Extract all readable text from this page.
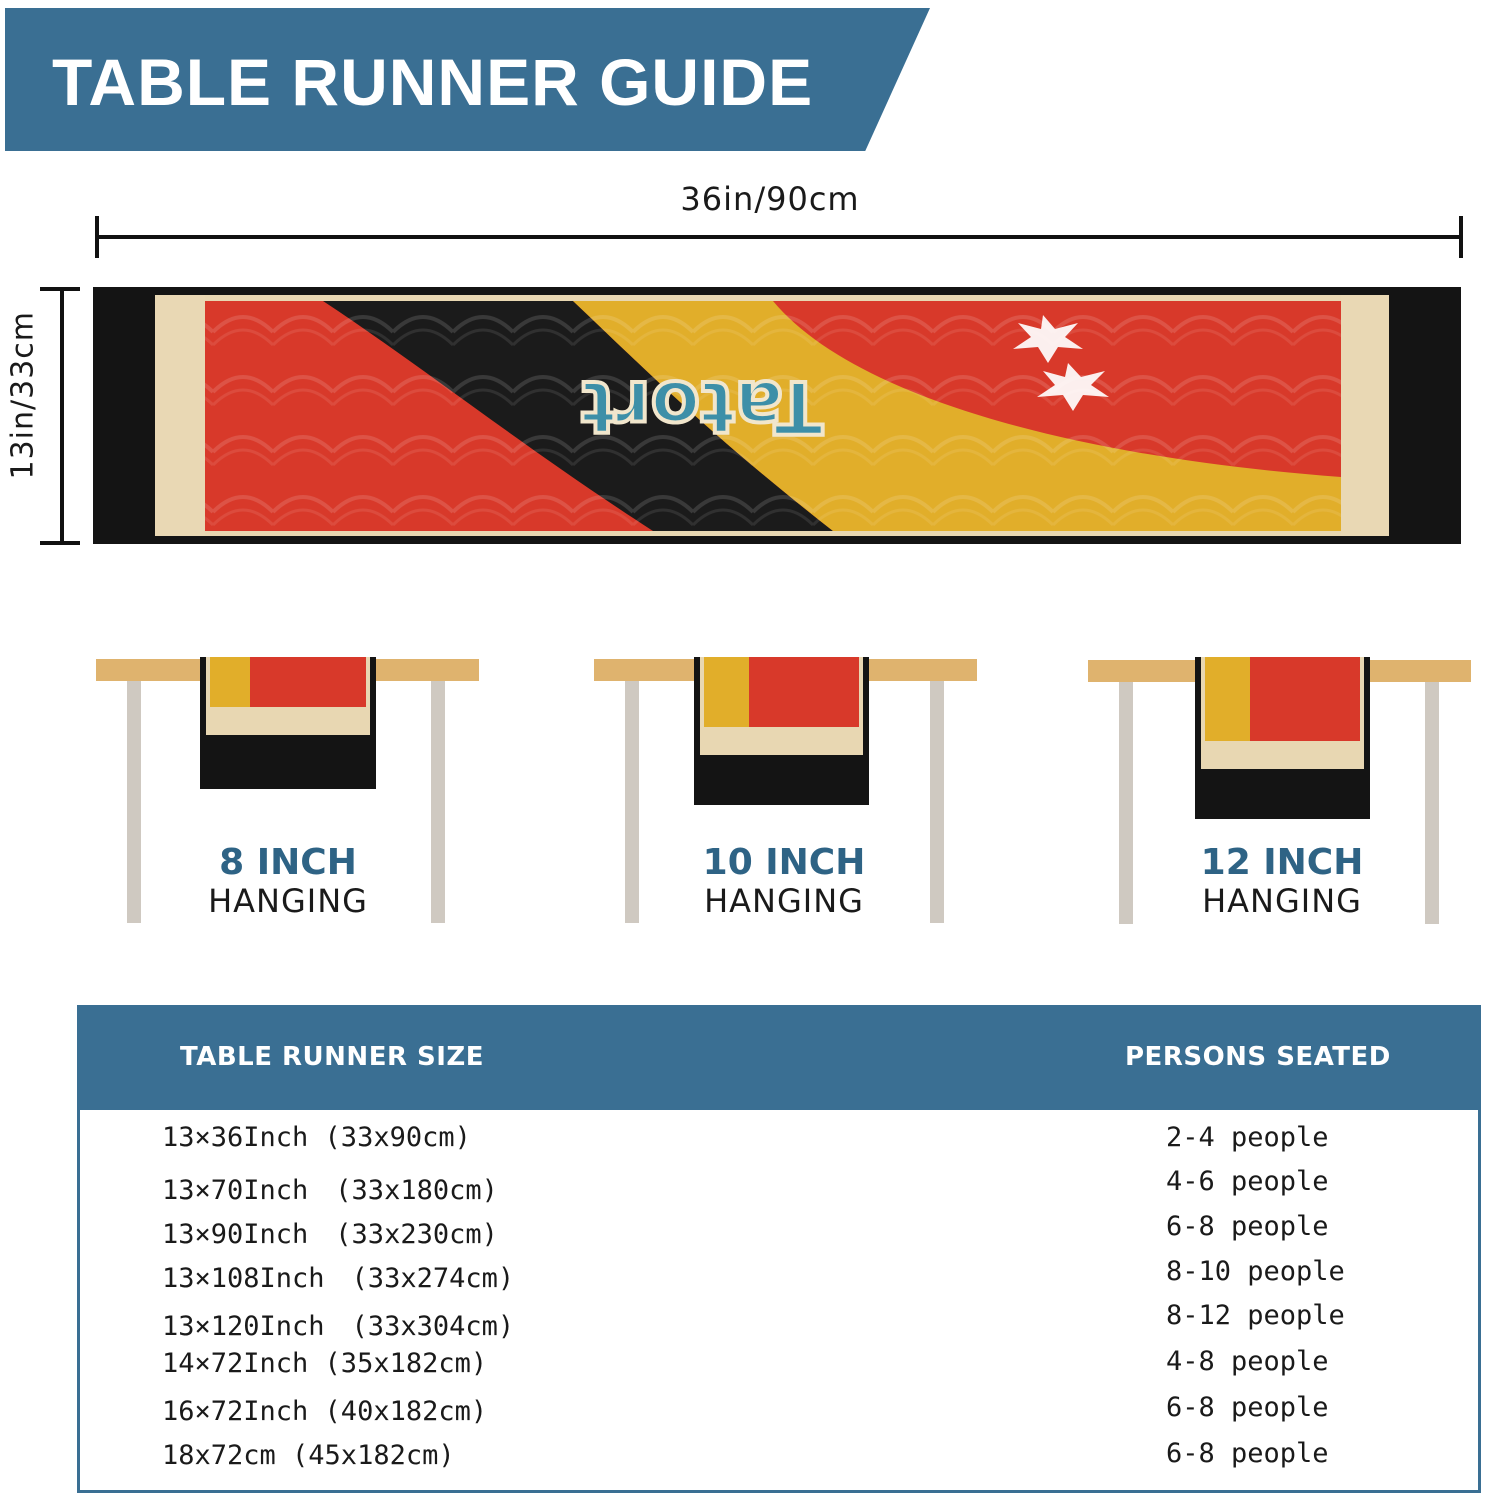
TABLE RUNNER GUIDE
36in/90cm
13in/33cm	Tatort
8 INCH
HANGING
10 INCH
HANGING
12 INCH
HANGING
TABLE RUNNER SIZE	PERSONS SEATED
13×36Inch (33x90cm)	2-4 people
13×70Inch　(33x180cm)	4-6 people
13×90Inch　(33x230cm)	6-8 people
13×108Inch　(33x274cm)	8-10 people
13×120Inch　(33x304cm)	8-12 people
14×72Inch (35x182cm)	4-8 people
16×72Inch (40x182cm)	6-8 people
18x72cm (45x182cm)	6-8 people
